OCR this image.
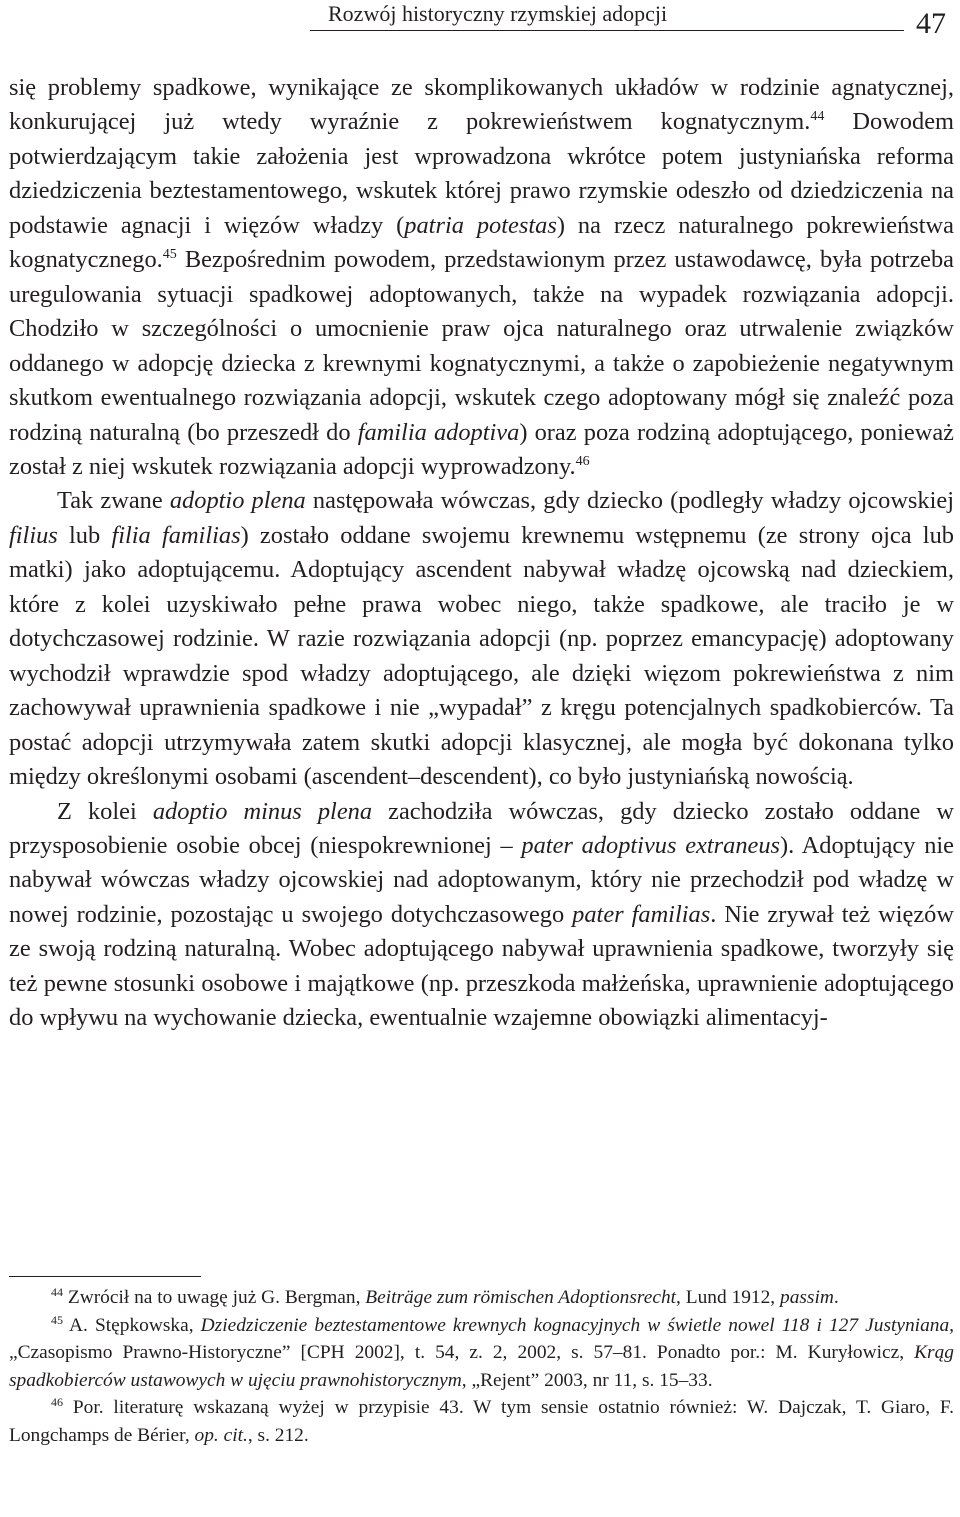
Rozwój historyczny rzymskiej adopcji	47

się problemy spadkowe, wynikające ze skomplikowanych układów w rodzinie agnatycznej, konkurującej już wtedy wyraźnie z pokrewieństwem kognatycznym.$^{44}$ Dowodem potwierdzającym takie założenia jest wprowadzona wkrótce potem justyniańska reforma dziedziczenia beztestamentowego, wskutek której prawo rzymskie odeszło od dziedziczenia na podstawie agnacji i więzów władzy (patria potestas) na rzecz naturalnego pokrewieństwa kognatycznego.$^{45}$ Bezpośrednim powodem, przedstawionym przez ustawodawcę, była potrzeba uregulowania sytuacji spadkowej adoptowanych, także na wypadek rozwiązania adopcji. Chodziło w szczególności o umocnienie praw ojca naturalnego oraz utrwalenie związków oddanego w adopcję dziecka z krewnymi kognatycznymi, a także o zapobieżenie negatywnym skutkom ewentualnego rozwiązania adopcji, wskutek czego adoptowany mógł się znaleźć poza rodziną naturalną (bo przeszedł do familia adoptiva) oraz poza rodziną adoptującego, ponieważ został z niej wskutek rozwiązania adopcji wyprowadzony.$^{46}$

Tak zwane adoptio plena następowała wówczas, gdy dziecko (podległy władzy ojcowskiej filius lub filia familias) zostało oddane swojemu krewnemu wstępnemu (ze strony ojca lub matki) jako adoptującemu. Adoptujący ascendent nabywał władzę ojcowską nad dzieckiem, które z kolei uzyskiwało pełne prawa wobec niego, także spadkowe, ale traciło je w dotychczasowej rodzinie. W razie rozwiązania adopcji (np. poprzez emancypację) adoptowany wychodził wprawdzie spod władzy adoptującego, ale dzięki więzom pokrewieństwa z nim zachowywał uprawnienia spadkowe i nie „wypadał” z kręgu potencjalnych spadkobierców. Ta postać adopcji utrzymywała zatem skutki adopcji klasycznej, ale mogła być dokonana tylko między określonymi osobami (ascendent–descendent), co było justyniańską nowością.

Z kolei adoptio minus plena zachodziła wówczas, gdy dziecko zostało oddane w przysposobienie osobie obcej (niespokrewnionej – pater adoptivus extraneus). Adoptujący nie nabywał wówczas władzy ojcowskiej nad adoptowanym, który nie przechodził pod władzę w nowej rodzinie, pozostając u swojego dotychczasowego pater familias. Nie zrywał też więzów ze swoją rodziną naturalną. Wobec adoptującego nabywał uprawnienia spadkowe, tworzyły się też pewne stosunki osobowe i majątkowe (np. przeszkoda małżeńska, uprawnienie adoptującego do wpływu na wychowanie dziecka, ewentualnie wzajemne obowiązki alimentacyj-

$^{44}$ Zwrócił na to uwagę już G. Bergman, Beiträge zum römischen Adoptionsrecht, Lund 1912, passim.

$^{45}$ A. Stępkowska, Dziedziczenie beztestamentowe krewnych kognacyjnych w świetle nowel 118 i 127 Justyniana, „Czasopismo Prawno-Historyczne” [CPH 2002], t. 54, z. 2, 2002, s. 57–81. Ponadto por.: M. Kuryłowicz, Krąg spadkobierców ustawowych w ujęciu prawnohistorycznym, „Rejent” 2003, nr 11, s. 15–33.

$^{46}$ Por. literaturę wskazaną wyżej w przypisie 43. W tym sensie ostatnio również: W. Dajczak, T. Giaro, F. Longchamps de Bérier, op. cit., s. 212.
